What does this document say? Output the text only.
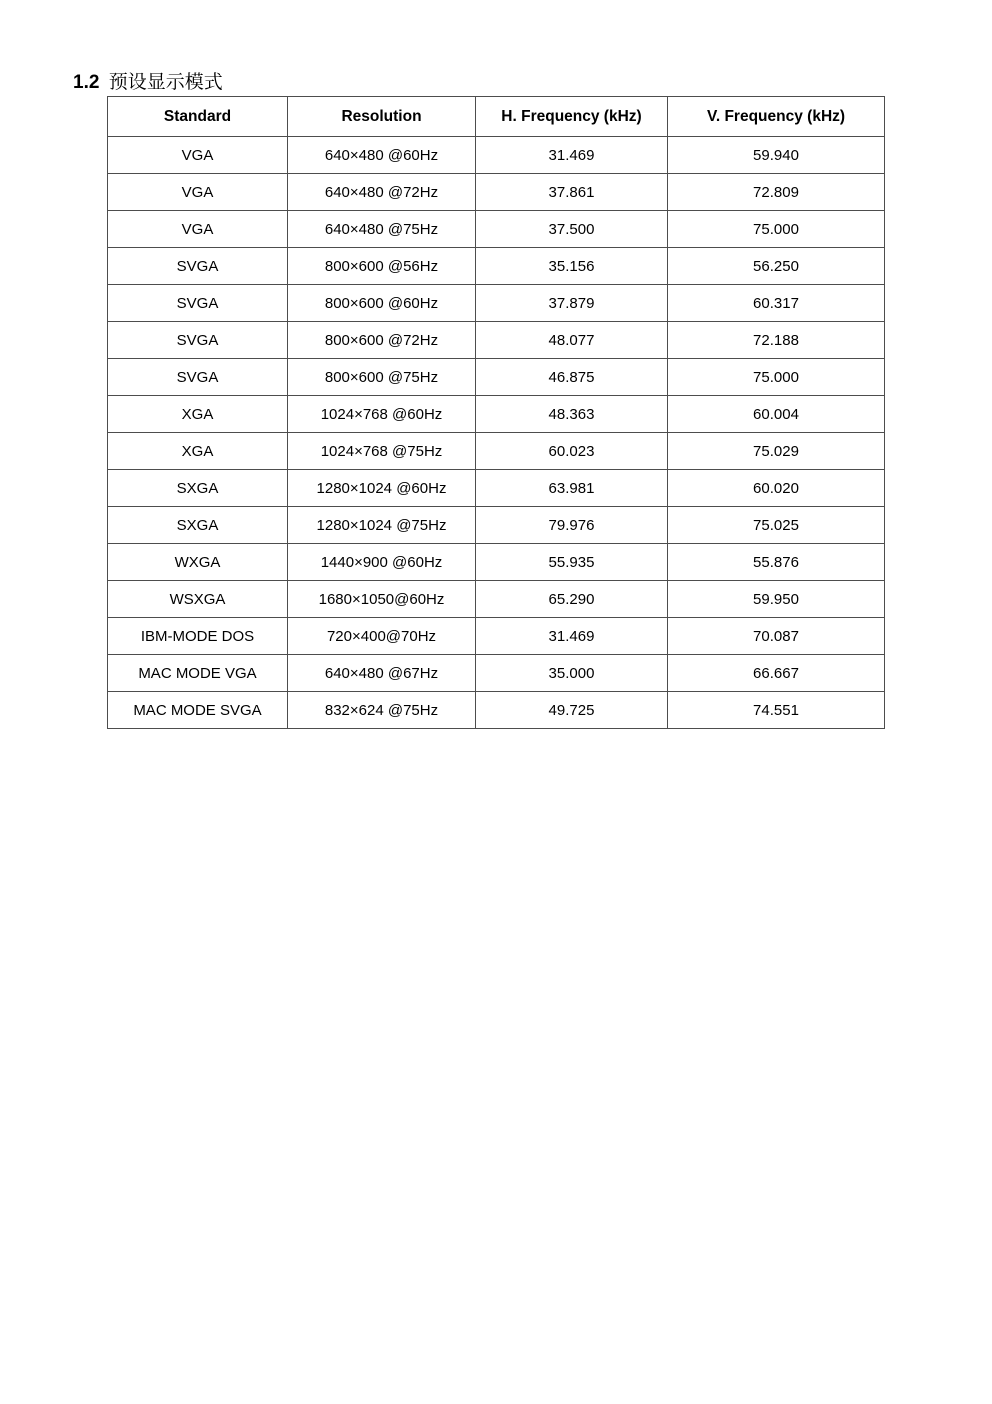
1.2 预设显示模式
Standard	Resolution	H. Frequency (kHz)	V. Frequency (kHz)
VGA	640×480 @60Hz	31.469	59.940
VGA	640×480 @72Hz	37.861	72.809
VGA	640×480 @75Hz	37.500	75.000
SVGA	800×600 @56Hz	35.156	56.250
SVGA	800×600 @60Hz	37.879	60.317
SVGA	800×600 @72Hz	48.077	72.188
SVGA	800×600 @75Hz	46.875	75.000
XGA	1024×768 @60Hz	48.363	60.004
XGA	1024×768 @75Hz	60.023	75.029
SXGA	1280×1024 @60Hz	63.981	60.020
SXGA	1280×1024 @75Hz	79.976	75.025
WXGA	1440×900 @60Hz	55.935	55.876
WSXGA	1680×1050@60Hz	65.290	59.950
IBM-MODE DOS	720×400@70Hz	31.469	70.087
MAC MODE VGA	640×480 @67Hz	35.000	66.667
MAC MODE SVGA	832×624 @75Hz	49.725	74.551
